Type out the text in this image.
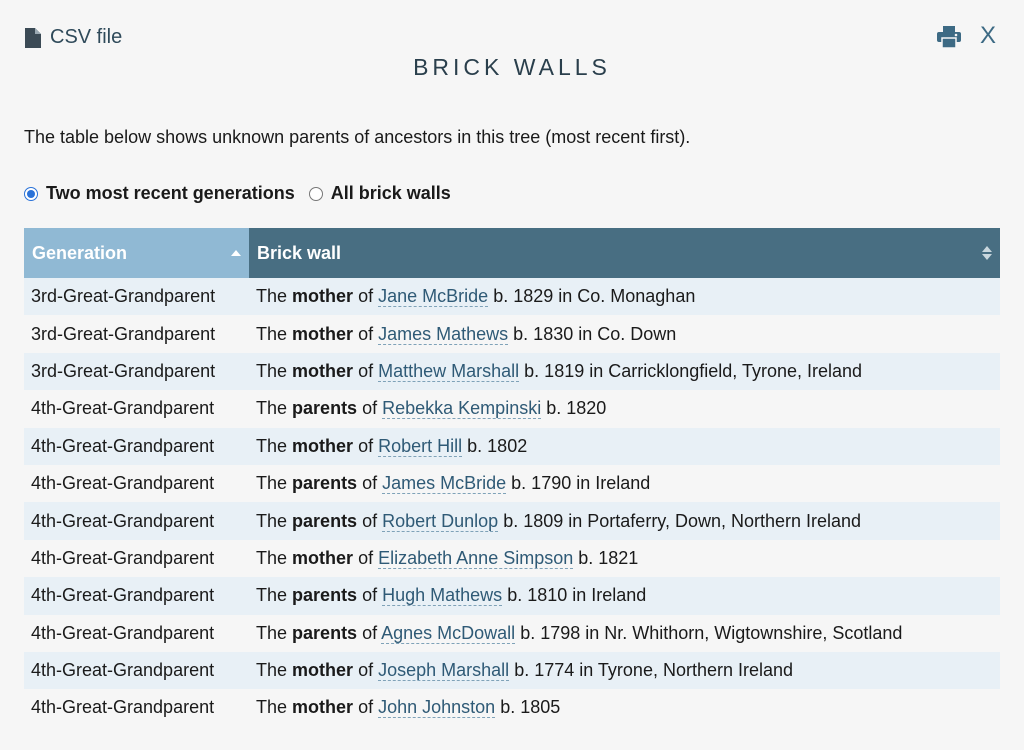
CSV file	X
BRICK WALLS
The table below shows unknown parents of ancestors in this tree (most recent first).
Two most recent generations All brick walls
Generation	Brick wall

3rd-Great-Grandparent	The mother of Jane McBride b. 1829 in Co. Monaghan
3rd-Great-Grandparent	The mother of James Mathews b. 1830 in Co. Down
3rd-Great-Grandparent	The mother of Matthew Marshall b. 1819 in Carricklongfield, Tyrone, Ireland
4th-Great-Grandparent	The parents of Rebekka Kempinski b. 1820
4th-Great-Grandparent	The mother of Robert Hill b. 1802
4th-Great-Grandparent	The parents of James McBride b. 1790 in Ireland
4th-Great-Grandparent	The parents of Robert Dunlop b. 1809 in Portaferry, Down, Northern Ireland
4th-Great-Grandparent	The mother of Elizabeth Anne Simpson b. 1821
4th-Great-Grandparent	The parents of Hugh Mathews b. 1810 in Ireland
4th-Great-Grandparent	The parents of Agnes McDowall b. 1798 in Nr. Whithorn, Wigtownshire, Scotland
4th-Great-Grandparent	The mother of Joseph Marshall b. 1774 in Tyrone, Northern Ireland
4th-Great-Grandparent	The mother of John Johnston b. 1805
